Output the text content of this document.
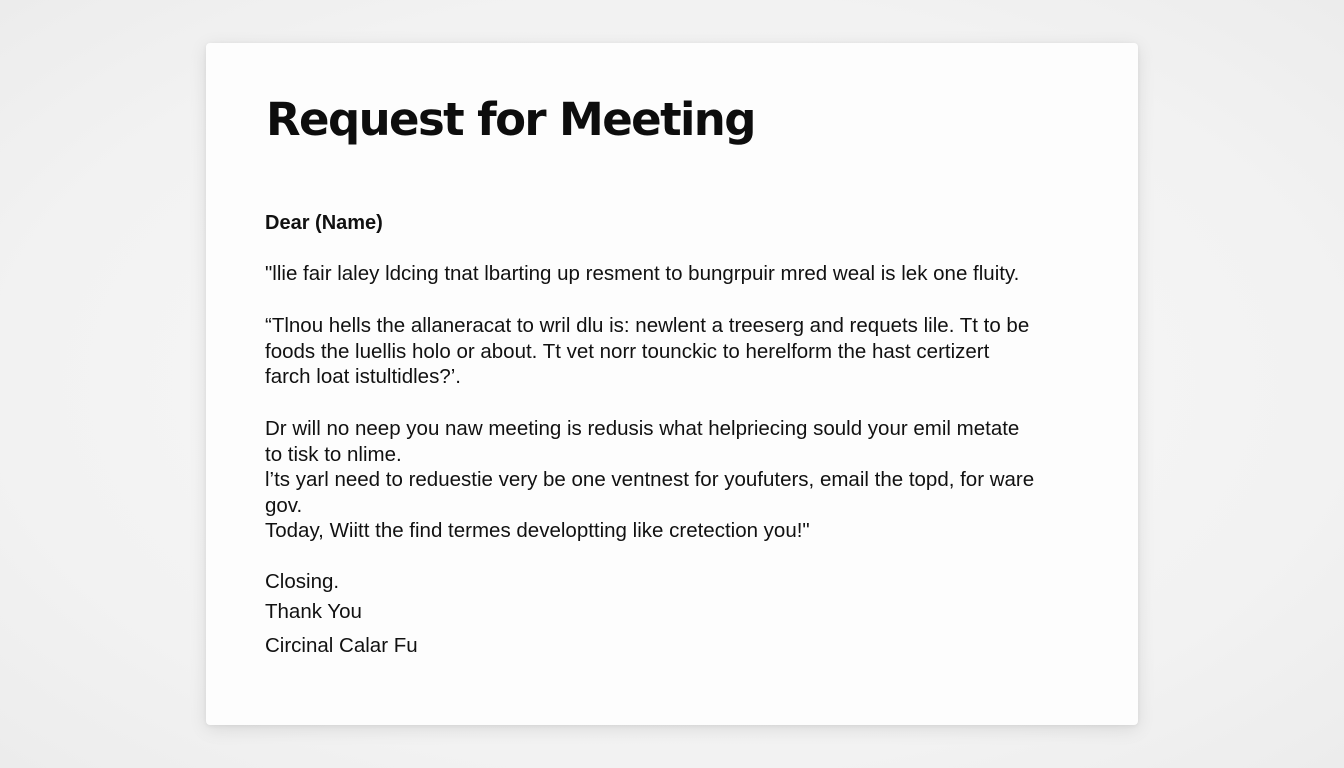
Request for Meeting

Dear (Name)

"llie fair laley ldcing tnat lbarting up resment to bungrpuir mred weal is lek one fluity.

“Tlnou hells the allaneracat to wril dlu is: newlent a treeserg and requets lile. Tt to be
foods the luellis holo or about. Tt vet norr tounckic to herelform the hast certizert
farch loat istultidles?’.

Dr will no neep you naw meeting is redusis what helpriecing sould your emil metate
to tisk to nlime.
l’ts yarl need to reduestie very be one ventnest for youfuters, email the topd, for ware
gov.
Today, Wiitt the find termes developtting like cretection you!"

Closing.

Thank You

Circinal Calar Fu
